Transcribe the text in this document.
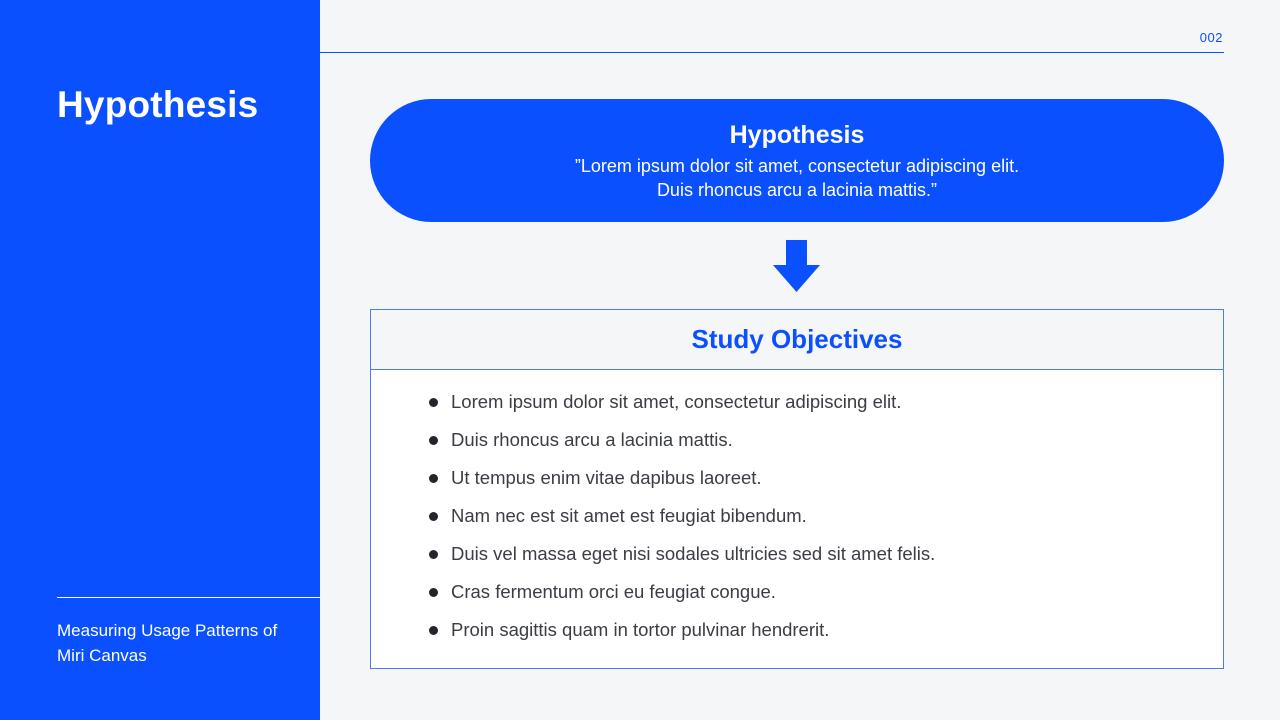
Hypothesis
Measuring Usage Patterns of
Miri Canvas
002
Hypothesis
”Lorem ipsum dolor sit amet, consectetur adipiscing elit.
Duis rhoncus arcu a lacinia mattis.”
Study Objectives
Lorem ipsum dolor sit amet, consectetur adipiscing elit.
Duis rhoncus arcu a lacinia mattis.
Ut tempus enim vitae dapibus laoreet.
Nam nec est sit amet est feugiat bibendum.
Duis vel massa eget nisi sodales ultricies sed sit amet felis.
Cras fermentum orci eu feugiat congue.
Proin sagittis quam in tortor pulvinar hendrerit.
